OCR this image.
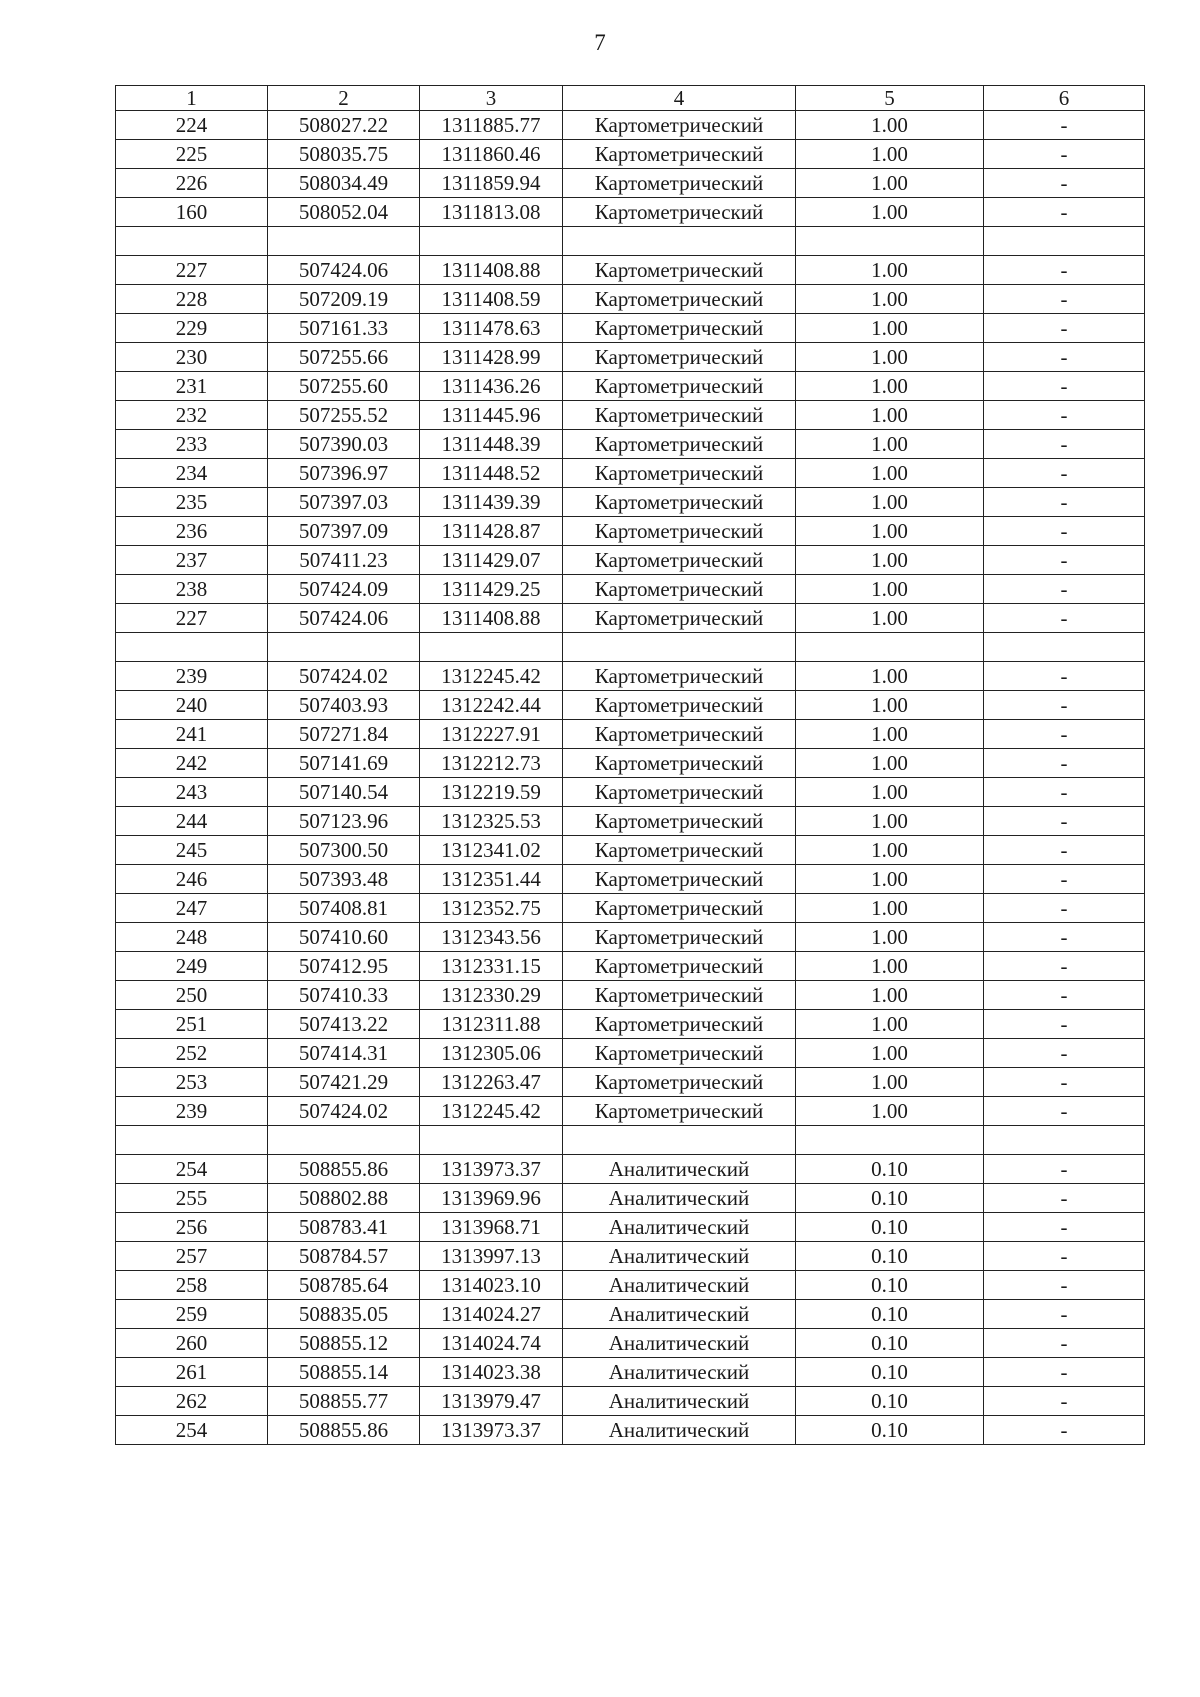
7
1	2	3	4	5	6
224	508027.22	1311885.77	Картометрический	1.00	-
225	508035.75	1311860.46	Картометрический	1.00	-
226	508034.49	1311859.94	Картометрический	1.00	-
160	508052.04	1311813.08	Картометрический	1.00	-

227	507424.06	1311408.88	Картометрический	1.00	-
228	507209.19	1311408.59	Картометрический	1.00	-
229	507161.33	1311478.63	Картометрический	1.00	-
230	507255.66	1311428.99	Картометрический	1.00	-
231	507255.60	1311436.26	Картометрический	1.00	-
232	507255.52	1311445.96	Картометрический	1.00	-
233	507390.03	1311448.39	Картометрический	1.00	-
234	507396.97	1311448.52	Картометрический	1.00	-
235	507397.03	1311439.39	Картометрический	1.00	-
236	507397.09	1311428.87	Картометрический	1.00	-
237	507411.23	1311429.07	Картометрический	1.00	-
238	507424.09	1311429.25	Картометрический	1.00	-
227	507424.06	1311408.88	Картометрический	1.00	-

239	507424.02	1312245.42	Картометрический	1.00	-
240	507403.93	1312242.44	Картометрический	1.00	-
241	507271.84	1312227.91	Картометрический	1.00	-
242	507141.69	1312212.73	Картометрический	1.00	-
243	507140.54	1312219.59	Картометрический	1.00	-
244	507123.96	1312325.53	Картометрический	1.00	-
245	507300.50	1312341.02	Картометрический	1.00	-
246	507393.48	1312351.44	Картометрический	1.00	-
247	507408.81	1312352.75	Картометрический	1.00	-
248	507410.60	1312343.56	Картометрический	1.00	-
249	507412.95	1312331.15	Картометрический	1.00	-
250	507410.33	1312330.29	Картометрический	1.00	-
251	507413.22	1312311.88	Картометрический	1.00	-
252	507414.31	1312305.06	Картометрический	1.00	-
253	507421.29	1312263.47	Картометрический	1.00	-
239	507424.02	1312245.42	Картометрический	1.00	-

254	508855.86	1313973.37	Аналитический	0.10	-
255	508802.88	1313969.96	Аналитический	0.10	-
256	508783.41	1313968.71	Аналитический	0.10	-
257	508784.57	1313997.13	Аналитический	0.10	-
258	508785.64	1314023.10	Аналитический	0.10	-
259	508835.05	1314024.27	Аналитический	0.10	-
260	508855.12	1314024.74	Аналитический	0.10	-
261	508855.14	1314023.38	Аналитический	0.10	-
262	508855.77	1313979.47	Аналитический	0.10	-
254	508855.86	1313973.37	Аналитический	0.10	-
